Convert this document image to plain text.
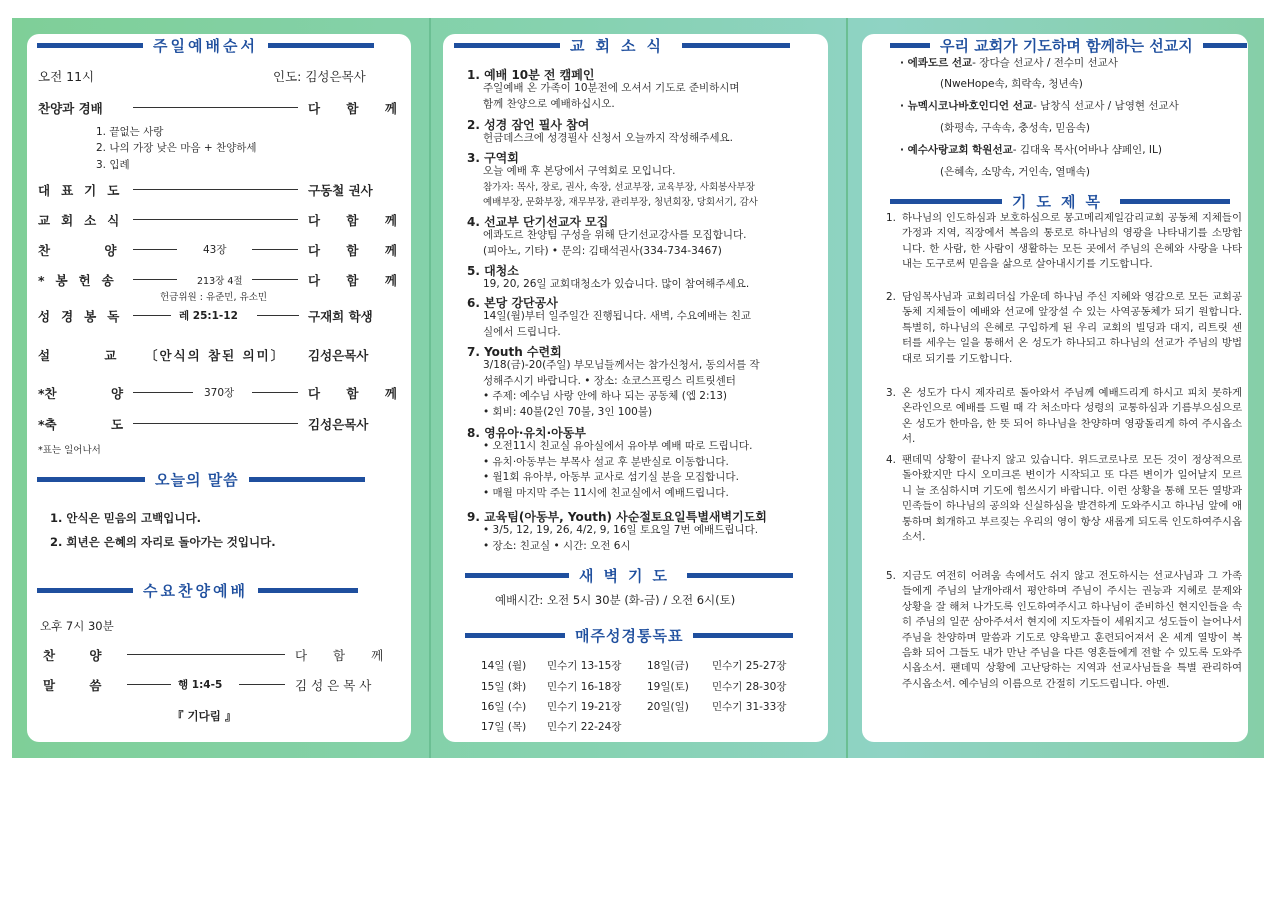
주일예배순서
오전 11시	인도: 김성은목사
찬양과 경배	다 함 께
1. 끝없는 사랑
2. 나의 가장 낮은 마음 + 찬양하세
3. 입례
대표기도	구동철 권사
교회소식	다 함 께
찬 양	43장	다 함 께
*봉헌송	213장 4절	다 함 께
헌금위원 : 유준민, 유소민
성경봉독	레 25:1-12	구재희 학생
설 교 〔안식의 참된 의미〕 김성은목사
*찬 양	370장	다 함 께
*축 도	김성은목사
*표는 일어나서
오늘의 말씀
1. 안식은 믿음의 고백입니다.
2. 희년은 은혜의 자리로 돌아가는 것입니다.
수요찬양예배
오후 7시 30분
찬 양	다 함 께
말 씀	행 1:4-5	김성은목사
『 기다림 』
교회소식
1. 예배 10분 전 캠페인
주일예배 온 가족이 10분전에 오셔서 기도로 준비하시며
함께 찬양으로 예배하십시오.
2. 성경 잠언 필사 참여
헌금데스크에 성경필사 신청서 오늘까지 작성해주세요.
3. 구역회
오늘 예배 후 본당에서 구역회로 모입니다.
참가자: 목사, 장로, 권사, 속장, 선교부장, 교육부장, 사회봉사부장
예배부장, 문화부장, 재무부장, 관리부장, 청년회장, 당회서기, 감사
4. 선교부 단기선교자 모집
에콰도르 찬양팀 구성을 위해 단기선교강사를 모집합니다.
(피아노, 기타) • 문의: 김태석권사(334-734-3467)
5. 대청소
19, 20, 26일 교회대청소가 있습니다. 많이 참여해주세요.
6. 본당 강단공사
14일(월)부터 일주일간 진행됩니다. 새벽, 수요예배는 친교
실에서 드립니다.
7. Youth 수련회
3/18(금)-20(주일) 부모님들께서는 참가신청서, 동의서를 작
성해주시기 바랍니다. • 장소: 쇼코스프링스 리트릿센터
• 주제: 예수님 사랑 안에 하나 되는 공동체 (엡 2:13)
• 회비: 40불(2인 70불, 3인 100불)
8. 영유아·유치·아동부
• 오전11시 친교실 유아실에서 유아부 예배 따로 드립니다.
• 유치·아동부는 부목사 설교 후 분반실로 이동합니다.
• 월1회 유아부, 아동부 교사로 섬기실 분을 모집합니다.
• 매월 마지막 주는 11시에 친교실에서 예배드립니다.
9. 교육팀(아동부, Youth) 사순절토요일특별새벽기도회
• 3/5, 12, 19, 26, 4/2, 9, 16일 토요일 7번 예배드립니다.
• 장소: 친교실 • 시간: 오전 6시
새벽기도
예배시간: 오전 5시 30분 (화-금) / 오전 6시(토)
매주성경통독표
14일 (월) 민수기 13-15장 18일(금) 민수기 25-27장
15일 (화) 민수기 16-18장 19일(토) 민수기 28-30장
16일 (수) 민수기 19-21장 20일(일) 민수기 31-33장
17일 (목) 민수기 22-24장
우리 교회가 기도하며 함께하는 선교지
· 에콰도르 선교- 장다슬 선교사 / 전수미 선교사
(NweHope속, 희락속, 청년속)
· 뉴멕시코나바호인디언 선교- 남창식 선교사 / 남영현 선교사
(화평속, 구속속, 충성속, 믿음속)
· 예수사랑교회 학원선교- 김대욱 목사(어바나 샴페인, IL)
(은혜속, 소망속, 거인속, 열매속)
기도제목
1. 하나님의 인도하심과 보호하심으로 몽고메리제일감리교회 공동체 지체들이 가정과 지역, 직장에서 복음의 통로로 하나님의 영광을 나타내기를 소망합니다. 한 사람, 한 사람이 생활하는 모든 곳에서 주님의 은혜와 사랑을 나타내는 도구로써 믿음을 삶으로 살아내시기를 기도합니다.
2. 담임목사님과 교회리더십 가운데 하나님 주신 지혜와 영감으로 모든 교회공동체 지체들이 예배와 선교에 앞장설 수 있는 사역공동체가 되기 원합니다. 특별히, 하나님의 은혜로 구입하게 된 우리 교회의 빌딩과 대지, 리트릿 센터를 세우는 일을 통해서 온 성도가 하나되고 하나님의 선교가 주님의 방법대로 되기를 기도합니다.
3. 온 성도가 다시 제자리로 돌아와서 주님께 예배드리게 하시고 피치 못하게 온라인으로 예배를 드릴 때 각 처소마다 성령의 교통하심과 기름부으심으로 온 성도가 한마음, 한 뜻 되어 하나님을 찬양하며 영광돌리게 하여 주시옵소서.
4. 팬데믹 상황이 끝나지 않고 있습니다. 위드코로나로 모든 것이 정상적으로 돌아왔지만 다시 오미크론 변이가 시작되고 또 다른 변이가 일어날지 모르니 늘 조심하시며 기도에 힘쓰시기 바랍니다. 이런 상황을 통해 모든 열방과 민족들이 하나님의 공의와 신실하심을 발견하게 도와주시고 하나님 앞에 애통하며 회개하고 부르짖는 우리의 영이 항상 새롭게 되도록 인도하여주시옵소서.
5. 지금도 여전히 어려움 속에서도 쉬지 않고 전도하시는 선교사님과 그 가족들에게 주님의 날개아래서 평안하며 주님이 주시는 권능과 지혜로 문제와 상황을 잘 해쳐 나가도록 인도하여주시고 하나님이 준비하신 현지인들을 속히 주님의 일꾼 삼아주셔서 현지에 지도자들이 세워지고 성도들이 늘어나서 주님을 찬양하며 말씀과 기도로 양육받고 훈련되어져서 온 세계 열방이 복음화 되어 그들도 내가 만난 주님을 다른 영혼들에게 전할 수 있도록 도와주시옵소서. 팬데믹 상황에 고난당하는 지역과 선교사님들을 특별 관리하여 주시옵소서. 예수님의 이름으로 간절히 기도드립니다. 아멘.
